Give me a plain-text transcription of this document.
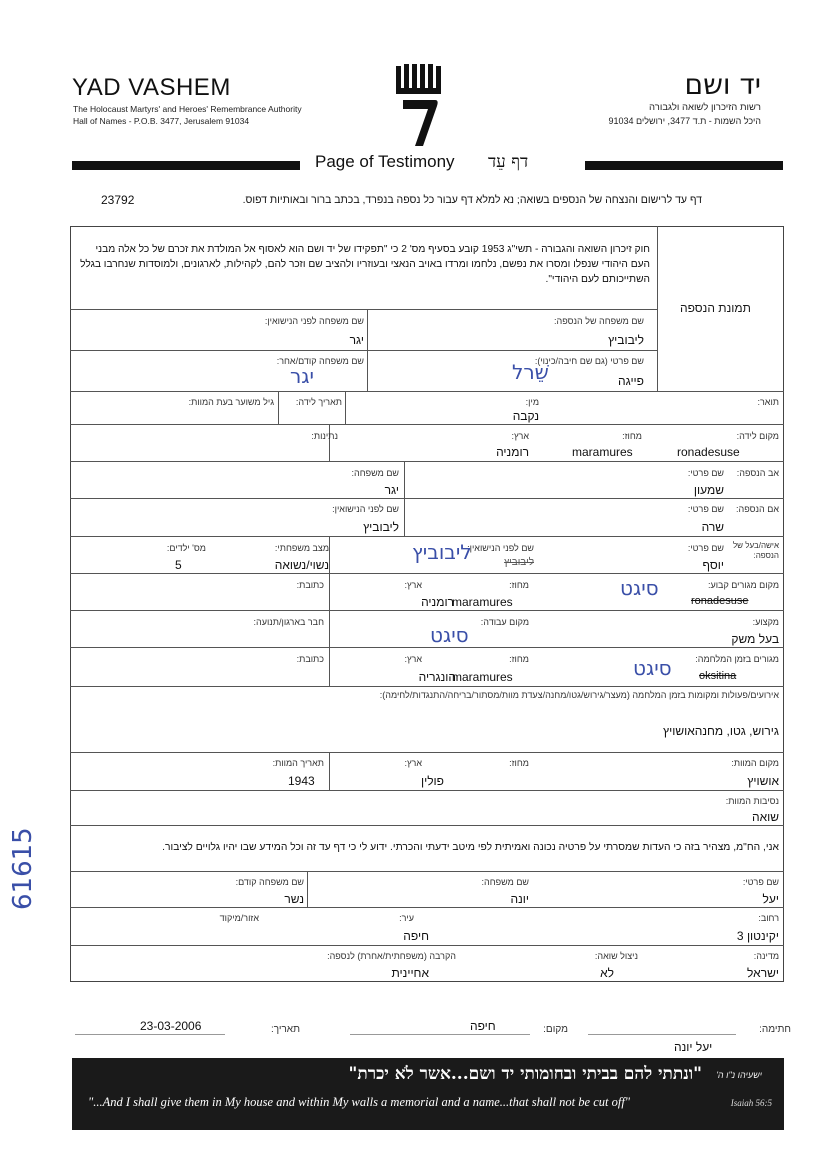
YAD VASHEM
The Holocaust Martyrs' and Heroes' Remembrance Authority
Hall of Names - P.O.B. 3477, Jerusalem 91034
יד ושם
רשות הזיכרון לשואה ולגבורה
היכל השמות - ת.ד 3477, ירושלים 91034
Page of Testimony דף עֵד
דף עד לרישום והנצחה של הנספים בשואה; נא למלא דף עבור כל נספה בנפרד, בכתב ברור ובאותיות דפוס.
23792
חוק זיכרון השואה והגבורה - תשי"ג 1953 קובע בסעיף מס' 2 כי "תפקידו של יד ושם הוא לאסוף אל המולדת את זכרם של כל אלה מבני העם היהודי שנפלו ומסרו את נפשם, נלחמו ומרדו באויב הנאצי ובעוזריו ולהציב שם וזכר להם, לקהילות, לארגונים, ולמוסדות שנחרבו בגלל השתייכותם לעם היהודי".
תמונת הנספה
שם משפחה של הנספה:
ליבוביץ
שם משפחה לפני הנישואין:
יגר
שם פרטי (גם שם חיבה/כינוי):
פייגה
שֵׁרל
שם משפחה קודם/אחר:
יגר
תואר:
מין:
נקבה
תאריך לידה:
גיל משוער בעת המוות:
מקום לידה:
ronadesuse
מחוז:
maramures
ארץ:
רומניה
נתינות:
אב הנספה:
שם פרטי:
שמעון
שם משפחה:
יגר
אם הנספה:
שם פרטי:
שרה
שם לפני הנישואין:
ליבוביץ
אישה/בעל של הנספה:
שם פרטי:
יוסף
שם לפני הנישואין:
ליבוביץ
ליבוביץ
מצב משפחתי:
נשוי/נשואה
מס' ילדים:
5
מקום מגורים קבוע:
ronadesuse
סיגט
מחוז:
maramures
ארץ:
רומניה
כתובת:
מקצוע:
בעל משק
מקום עבודה:
סיגט
חבר בארגון/תנועה:
מגורים בזמן המלחמה:
oksitina
סיגט
מחוז:
maramures
ארץ:
הונגריה
כתובת:
אירועים/פעולות ומקומות בזמן המלחמה (מעצר/גירוש/גטו/מחנה/צעדת מוות/מסתור/בריחה/התנגדות/לחימה):
גירוש, גטו, מחנהאושויץ
מקום המוות:
אושויץ
מחוז:
ארץ:
פולין
תאריך המוות:
1943
נסיבות המוות:
שואה
אני, הח"מ, מצהיר בזה כי העדות שמסרתי על פרטיה נכונה ואמיתית לפי מיטב ידעתי והכרתי. ידוע לי כי דף עד זה וכל המידע שבו יהיו גלויים לציבור.
שם פרטי:
יעל
שם משפחה:
יונה
שם משפחה קודם:
נשר
רחוב:
יקינטון 3
עיר:
חיפה
אזור/מיקוד
מדינה:
ישראל
ניצול שואה:
לא
הקרבה (משפחתית/אחרת) לנספה:
אחיינית
61615
חתימה:
יעל יונה
מקום:
חיפה
תאריך:
23-03-2006
ישעיהו נ"ו ה'
"ונתתי להם בביתי ובחומותי יד ושם...אשר לֹא יכרת"
"...And I shall give them in My house and within My walls a memorial and a name...that shall not be cut off"	Isaiah 56:5
